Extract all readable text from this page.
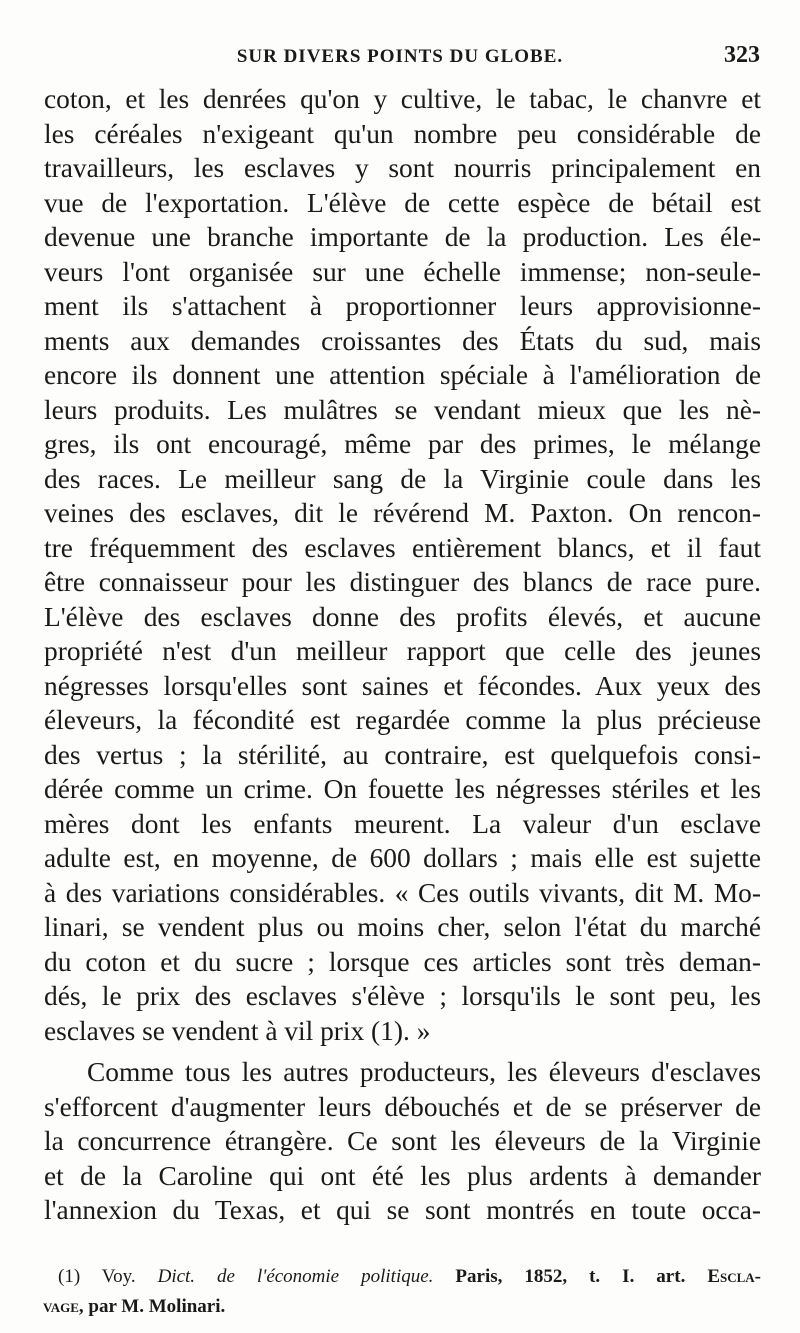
SUR DIVERS POINTS DU GLOBE.	323
coton, et les denrées qu'on y cultive, le tabac, le chanvre et
les céréales n'exigeant qu'un nombre peu considérable de
travailleurs, les esclaves y sont nourris principalement en
vue de l'exportation. L'élève de cette espèce de bétail est
devenue une branche importante de la production. Les éle-
veurs l'ont organisée sur une échelle immense; non-seule-
ment ils s'attachent à proportionner leurs approvisionne-
ments aux demandes croissantes des États du sud, mais
encore ils donnent une attention spéciale à l'amélioration de
leurs produits. Les mulâtres se vendant mieux que les nè-
gres, ils ont encouragé, même par des primes, le mélange
des races. Le meilleur sang de la Virginie coule dans les
veines des esclaves, dit le révérend M. Paxton. On rencon-
tre fréquemment des esclaves entièrement blancs, et il faut
être connaisseur pour les distinguer des blancs de race pure.
L'élève des esclaves donne des profits élevés, et aucune
propriété n'est d'un meilleur rapport que celle des jeunes
négresses lorsqu'elles sont saines et fécondes. Aux yeux des
éleveurs, la fécondité est regardée comme la plus précieuse
des vertus ; la stérilité, au contraire, est quelquefois consi-
dérée comme un crime. On fouette les négresses stériles et les
mères dont les enfants meurent. La valeur d'un esclave
adulte est, en moyenne, de 600 dollars ; mais elle est sujette
à des variations considérables. « Ces outils vivants, dit M. Mo-
linari, se vendent plus ou moins cher, selon l'état du marché
du coton et du sucre ; lorsque ces articles sont très deman-
dés, le prix des esclaves s'élève ; lorsqu'ils le sont peu, les
esclaves se vendent à vil prix (1). »
Comme tous les autres producteurs, les éleveurs d'esclaves
s'efforcent d'augmenter leurs débouchés et de se préserver de
la concurrence étrangère. Ce sont les éleveurs de la Virginie
et de la Caroline qui ont été les plus ardents à demander
l'annexion du Texas, et qui se sont montrés en toute occa-
(1) Voy. Dict. de l'économie politique. Paris, 1852, t. I. art. Escla-
vage, par M. Molinari.
